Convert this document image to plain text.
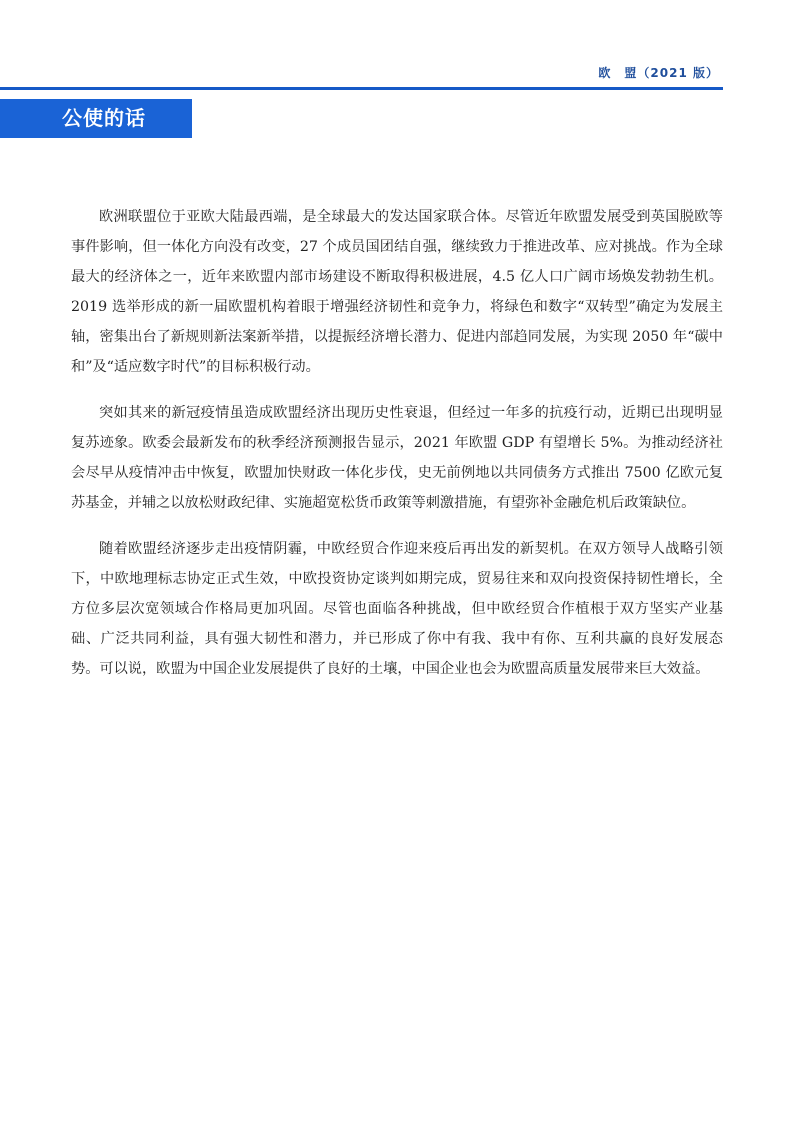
欧　盟（2021 版）
公使的话

欧洲联盟位于亚欧大陆最西端，是全球最大的发达国家联合体。尽管近年欧盟发展受到英国脱欧等事件影响，但一体化方向没有改变，27 个成员国团结自强，继续致力于推进改革、应对挑战。作为全球最大的经济体之一，近年来欧盟内部市场建设不断取得积极进展，4.5 亿人口广阔市场焕发勃勃生机。2019 选举形成的新一届欧盟机构着眼于增强经济韧性和竞争力，将绿色和数字“双转型”确定为发展主轴，密集出台了新规则新法案新举措，以提振经济增长潜力、促进内部趋同发展，为实现 2050 年“碳中和”及“适应数字时代”的目标积极行动。

突如其来的新冠疫情虽造成欧盟经济出现历史性衰退，但经过一年多的抗疫行动，近期已出现明显复苏迹象。欧委会最新发布的秋季经济预测报告显示，2021 年欧盟 GDP 有望增长 5%。为推动经济社会尽早从疫情冲击中恢复，欧盟加快财政一体化步伐，史无前例地以共同债务方式推出 7500 亿欧元复苏基金，并辅之以放松财政纪律、实施超宽松货币政策等刺激措施，有望弥补金融危机后政策缺位。

随着欧盟经济逐步走出疫情阴霾，中欧经贸合作迎来疫后再出发的新契机。在双方领导人战略引领下，中欧地理标志协定正式生效，中欧投资协定谈判如期完成，贸易往来和双向投资保持韧性增长，全方位多层次宽领域合作格局更加巩固。尽管也面临各种挑战，但中欧经贸合作植根于双方坚实产业基础、广泛共同利益，具有强大韧性和潜力，并已形成了你中有我、我中有你、互利共赢的良好发展态势。可以说，欧盟为中国企业发展提供了良好的土壤，中国企业也会为欧盟高质量发展带来巨大效益。
